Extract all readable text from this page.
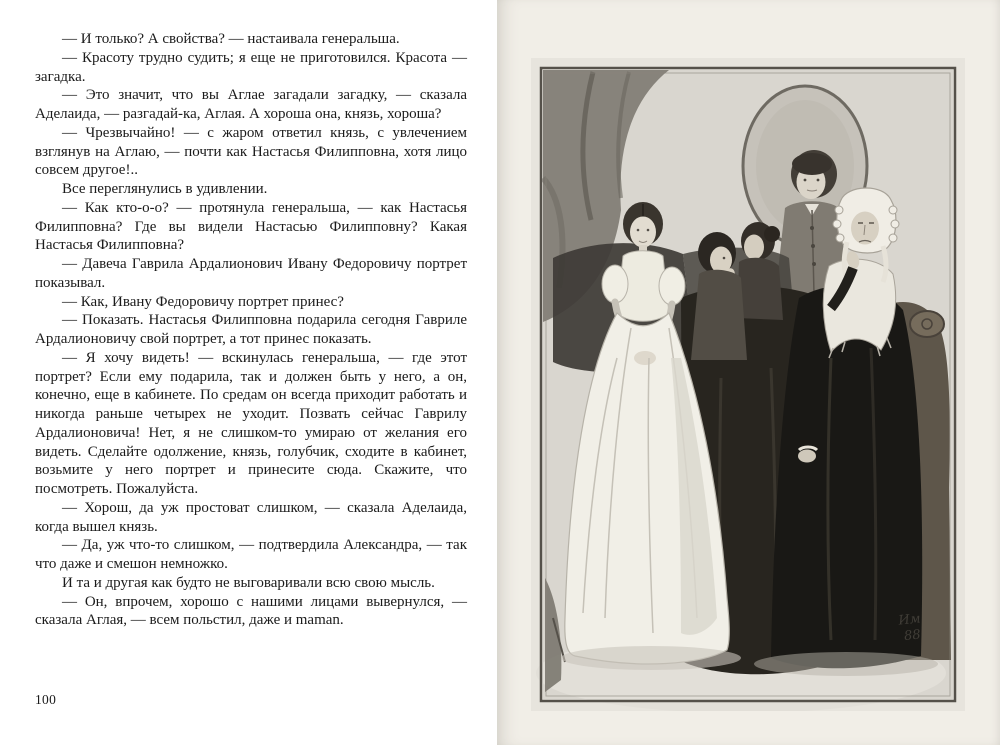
— И только? А свойства? — настаивала генеральша.

— Красоту трудно судить; я еще не приготовился. Красота — загадка.

— Это значит, что вы Аглае загадали загадку, — сказала Аделаида, — разгадай-ка, Аглая. А хороша она, князь, хороша?

— Чрезвычайно! — с жаром ответил князь, с увлечением взглянув на Аглаю, — почти как Настасья Филипповна, хотя лицо совсем другое!..

Все переглянулись в удивлении.

— Как кто-о-о? — протянула генеральша, — как Настасья Филипповна? Где вы видели Настасью Филипповну? Какая Настасья Филипповна?

— Давеча Гаврила Ардалионович Ивану Федоровичу портрет показывал.

— Как, Ивану Федоровичу портрет принес?

— Показать. Настасья Филипповна подарила сегодня Гавриле Ардалионовичу свой портрет, а тот принес показать.

— Я хочу видеть! — вскинулась генеральша, — где этот портрет? Если ему подарила, так и должен быть у него, а он, конечно, еще в кабинете. По средам он всегда приходит работать и никогда раньше четырех не уходит. Позвать сейчас Гаврилу Ардалионовича! Нет, я не слишком-то умираю от желания его видеть. Сделайте одолжение, князь, голубчик, сходите в кабинет, возьмите у него портрет и принесите сюда. Скажите, что посмотреть. Пожалуйста.

— Хорош, да уж простоват слишком, — сказала Аделаида, когда вышел князь.

— Да, уж что-то слишком, — подтвердила Александра, — так что даже и смешон немножко.

И та и другая как будто не выговаривали всю свою мысль.

— Он, впрочем, хорошо с нашими лицами вывернулся, — сказала Аглая, — всем польстил, даже и maman.

100
Им
88
